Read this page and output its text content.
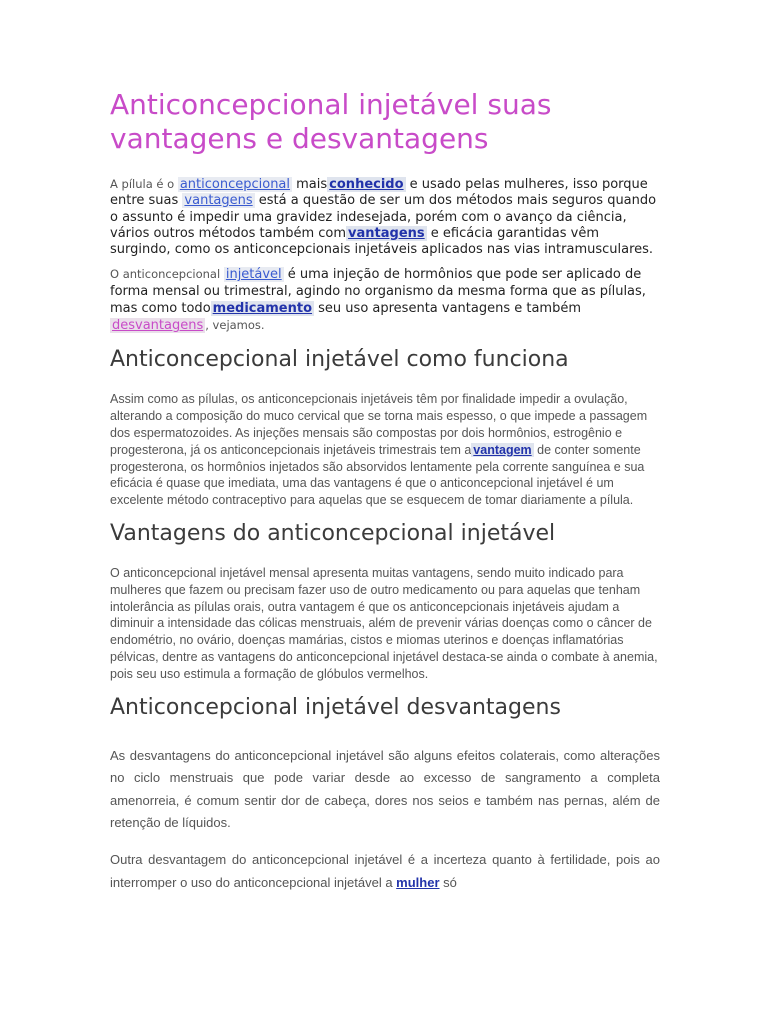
Anticoncepcional injetável suas vantagens e desvantagens

A pílula é o anticoncepcional mais conhecido e usado pelas mulheres, isso porque entre suas vantagens está a questão de ser um dos métodos mais seguros quando o assunto é impedir uma gravidez indesejada, porém com o avanço da ciência, vários outros métodos também com vantagens e eficácia garantidas vêm surgindo, como os anticoncepcionais injetáveis aplicados nas vias intramusculares.

O anticoncepcional injetável é uma injeção de hormônios que pode ser aplicado de forma mensal ou trimestral, agindo no organismo da mesma forma que as pílulas, mas como todo medicamento seu uso apresenta vantagens e também desvantagens , vejamos.

Anticoncepcional injetável como funciona

Assim como as pílulas, os anticoncepcionais injetáveis têm por finalidade impedir a ovulação, alterando a composição do muco cervical que se torna mais espesso, o que impede a passagem dos espermatozoides. As injeções mensais são compostas por dois hormônios, estrogênio e progesterona, já os anticoncepcionais injetáveis trimestrais tem a vantagem de conter somente progesterona, os hormônios injetados são absorvidos lentamente pela corrente sanguínea e sua eficácia é quase que imediata, uma das vantagens é que o anticoncepcional injetável é um excelente método contraceptivo para aquelas que se esquecem de tomar diariamente a pílula.

Vantagens do anticoncepcional injetável

O anticoncepcional injetável mensal apresenta muitas vantagens, sendo muito indicado para mulheres que fazem ou precisam fazer uso de outro medicamento ou para aquelas que tenham intolerância as pílulas orais, outra vantagem é que os anticoncepcionais injetáveis ajudam a diminuir a intensidade das cólicas menstruais, além de prevenir várias doenças como o câncer de endométrio, no ovário, doenças mamárias, cistos e miomas uterinos e doenças inflamatórias pélvicas, dentre as vantagens do anticoncepcional injetável destaca-se ainda o combate à anemia, pois seu uso estimula a formação de glóbulos vermelhos.

Anticoncepcional injetável desvantagens

As desvantagens do anticoncepcional injetável são alguns efeitos colaterais, como alterações no ciclo menstruais que pode variar desde ao excesso de sangramento a completa amenorreia, é comum sentir dor de cabeça, dores nos seios e também nas pernas, além de retenção de líquidos.

Outra desvantagem do anticoncepcional injetável é a incerteza quanto à fertilidade, pois ao interromper o uso do anticoncepcional injetável a mulher só
